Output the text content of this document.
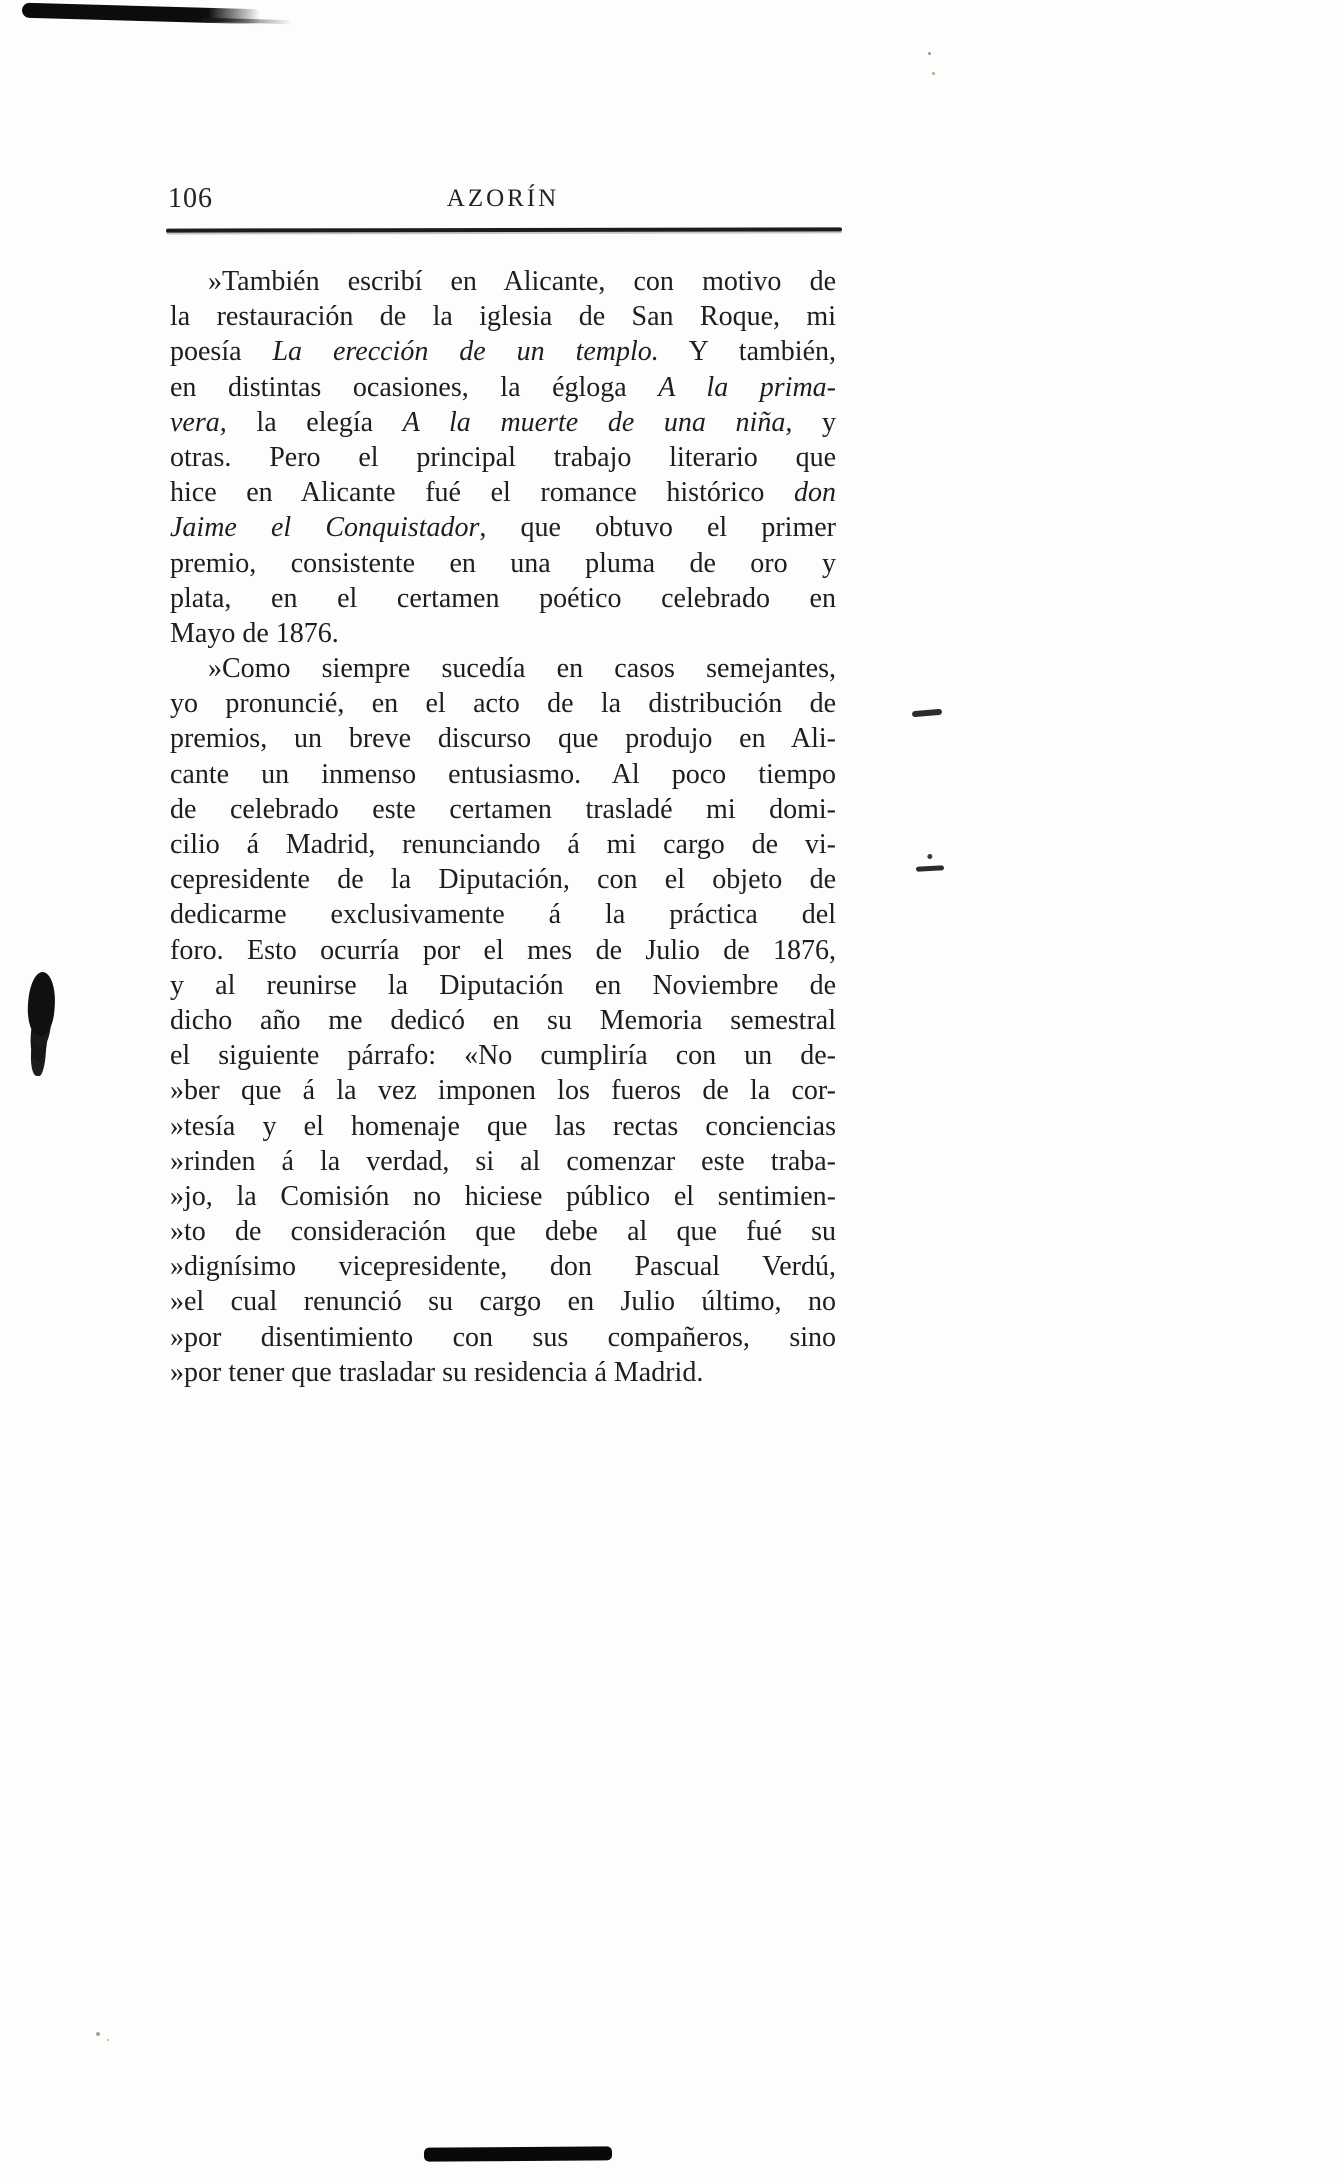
106	AZORÍN
»También escribí en Alicante, con motivo de
la restauración de la iglesia de San Roque, mi
poesía La erección de un templo. Y también,
en distintas ocasiones, la égloga A la prima-
vera, la elegía A la muerte de una niña, y
otras. Pero el principal trabajo literario que
hice en Alicante fué el romance histórico don
Jaime el Conquistador, que obtuvo el primer
premio, consistente en una pluma de oro y
plata, en el certamen poético celebrado en
Mayo de 1876.
»Como siempre sucedía en casos semejantes,
yo pronuncié, en el acto de la distribución de
premios, un breve discurso que produjo en Ali-
cante un inmenso entusiasmo. Al poco tiempo
de celebrado este certamen trasladé mi domi-
cilio á Madrid, renunciando á mi cargo de vi-
cepresidente de la Diputación, con el objeto de
dedicarme exclusivamente á la práctica del
foro. Esto ocurría por el mes de Julio de 1876,
y al reunirse la Diputación en Noviembre de
dicho año me dedicó en su Memoria semestral
el siguiente párrafo: «No cumpliría con un de-
»ber que á la vez imponen los fueros de la cor-
»tesía y el homenaje que las rectas conciencias
»rinden á la verdad, si al comenzar este traba-
»jo, la Comisión no hiciese público el sentimien-
»to de consideración que debe al que fué su
»dignísimo vicepresidente, don Pascual Verdú,
»el cual renunció su cargo en Julio último, no
»por disentimiento con sus compañeros, sino
»por tener que trasladar su residencia á Madrid.
